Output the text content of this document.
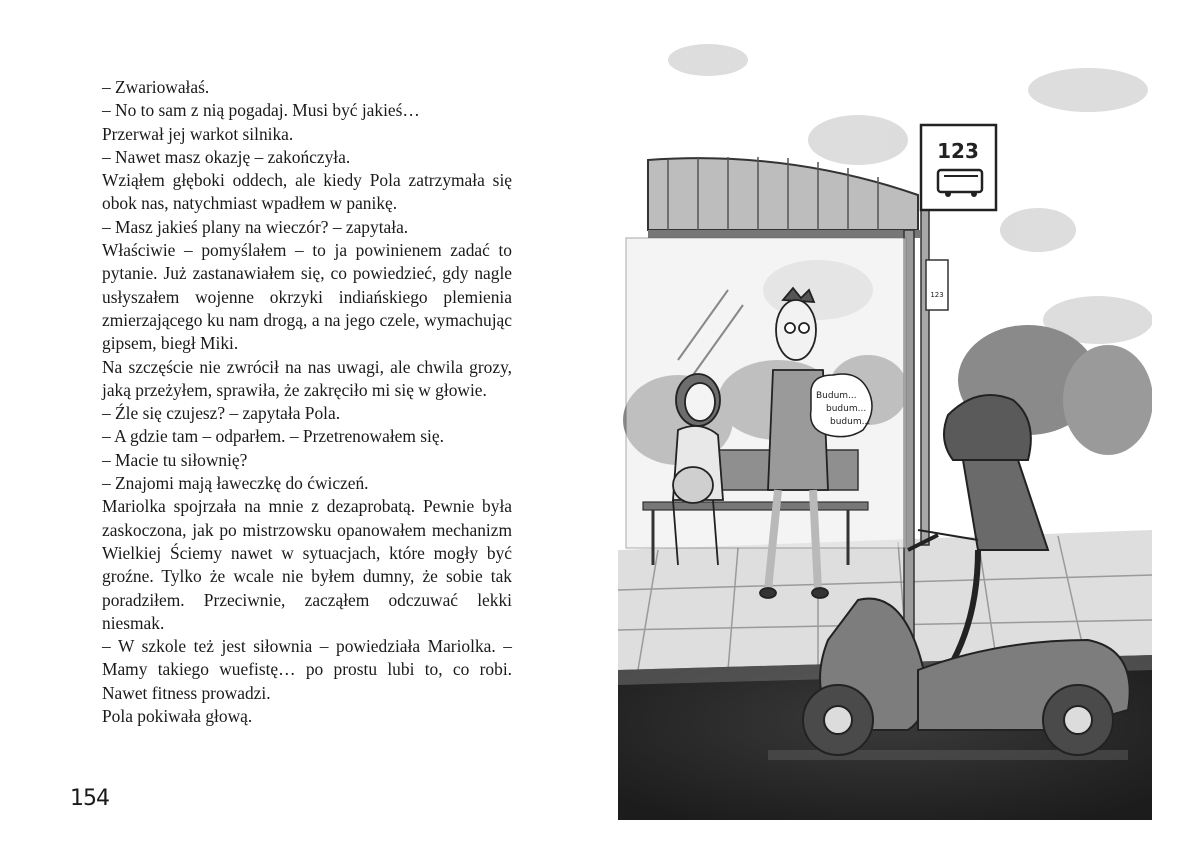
– Zwariowałaś.

– No to sam z nią pogadaj. Musi być jakieś…

Przerwał jej warkot silnika.

– Nawet masz okazję – zakończyła.

Wziąłem głęboki oddech, ale kiedy Pola zatrzymała się obok nas, natychmiast wpadłem w panikę.

– Masz jakieś plany na wieczór? – zapytała.

Właściwie – pomyślałem – to ja powinienem zadać to pytanie. Już zastanawiałem się, co powiedzieć, gdy nagle usłyszałem wojenne okrzyki indiańskiego plemienia zmierzającego ku nam drogą, a na jego czele, wymachując gipsem, biegł Miki.

Na szczęście nie zwrócił na nas uwagi, ale chwila grozy, jaką przeżyłem, sprawiła, że zakręciło mi się w głowie.

– Źle się czujesz? – zapytała Pola.

– A gdzie tam – odparłem. – Przetrenowałem się.

– Macie tu siłownię?

– Znajomi mają ławeczkę do ćwiczeń.

Mariolka spojrzała na mnie z dezaprobatą. Pewnie była zaskoczona, jak po mistrzowsku opanowałem mechanizm Wielkiej Ściemy nawet w sytuacjach, które mogły być groźne. Tylko że wcale nie byłem dumny, że sobie tak poradziłem. Przeciwnie, zacząłem odczuwać lekki niesmak.

– W szkole też jest siłownia – powiedziała Mariolka. – Mamy takiego wuefistę… po prostu lubi to, co robi. Nawet fitness prowadzi.

Pola pokiwała głową.

154
123
123
Budum...
budum...
budum...
